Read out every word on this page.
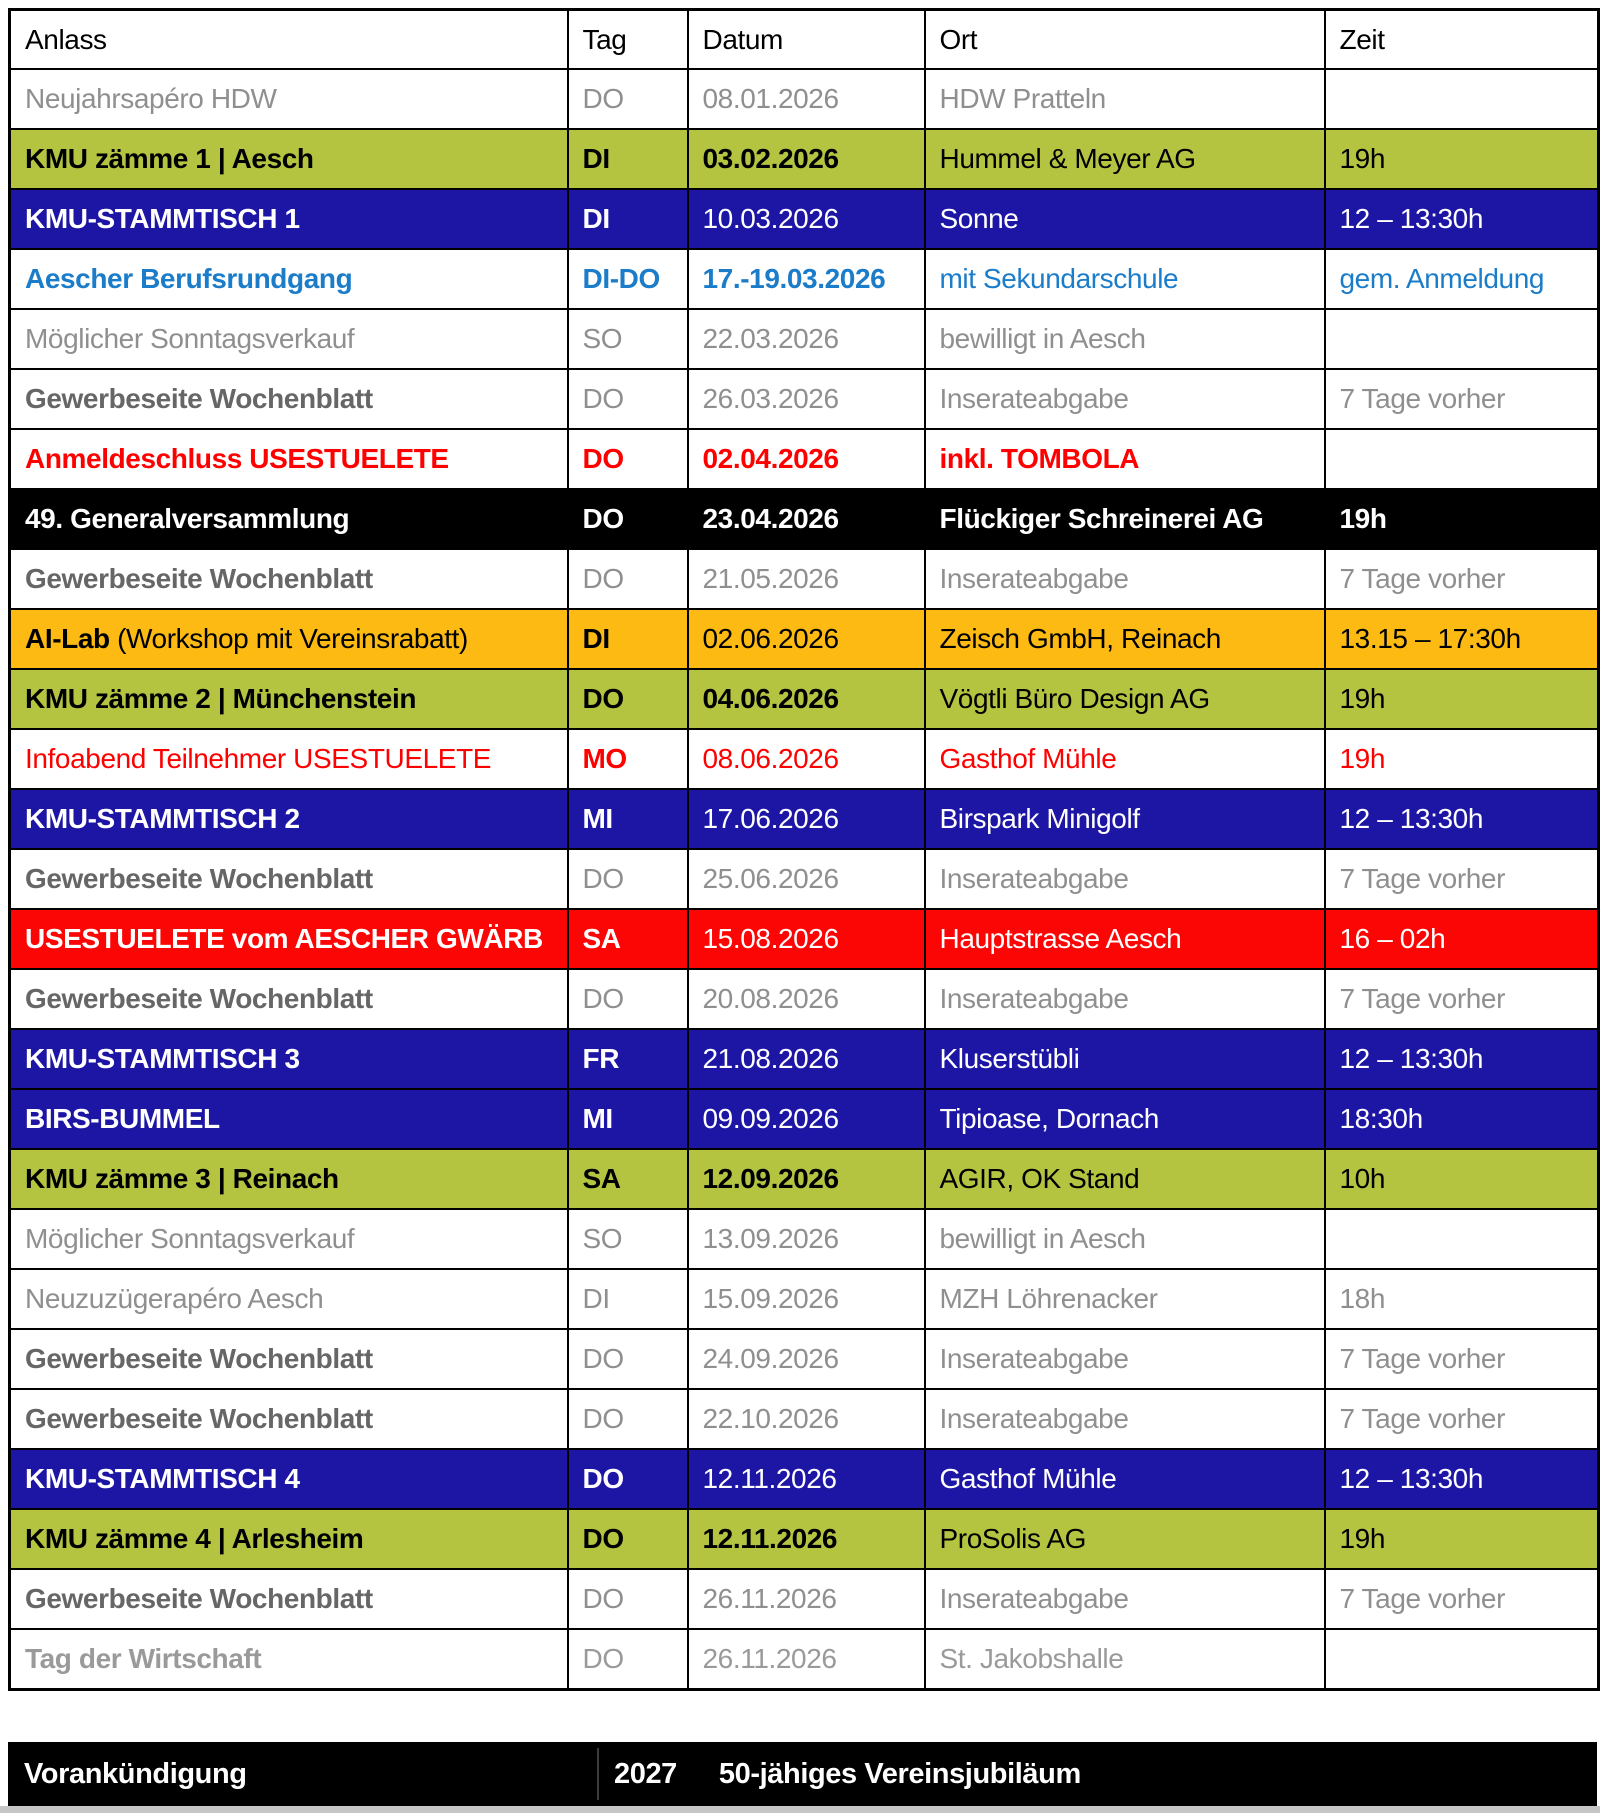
Anlass	Tag	Datum	Ort	Zeit
Neujahrsapéro HDW	DO	08.01.2026	HDW Pratteln	
KMU zämme 1 | Aesch	DI	03.02.2026	Hummel & Meyer AG	19h
KMU-STAMMTISCH 1	DI	10.03.2026	Sonne	12 – 13:30h
Aescher Berufsrundgang	DI-DO	17.-19.03.2026	mit Sekundarschule	gem. Anmeldung
Möglicher Sonntagsverkauf	SO	22.03.2026	bewilligt in Aesch	
Gewerbeseite Wochenblatt	DO	26.03.2026	Inserateabgabe	7 Tage vorher
Anmeldeschluss USESTUELETE	DO	02.04.2026	inkl. TOMBOLA	
49. Generalversammlung	DO	23.04.2026	Flückiger Schreinerei AG	19h
Gewerbeseite Wochenblatt	DO	21.05.2026	Inserateabgabe	7 Tage vorher
AI-Lab (Workshop mit Vereinsrabatt)	DI	02.06.2026	Zeisch GmbH, Reinach	13.15 – 17:30h
KMU zämme 2 | Münchenstein	DO	04.06.2026	Vögtli Büro Design AG	19h
Infoabend Teilnehmer USESTUELETE	MO	08.06.2026	Gasthof Mühle	19h
KMU-STAMMTISCH 2	MI	17.06.2026	Birspark Minigolf	12 – 13:30h
Gewerbeseite Wochenblatt	DO	25.06.2026	Inserateabgabe	7 Tage vorher
USESTUELETE vom AESCHER GWÄRB	SA	15.08.2026	Hauptstrasse Aesch	16 – 02h
Gewerbeseite Wochenblatt	DO	20.08.2026	Inserateabgabe	7 Tage vorher
KMU-STAMMTISCH 3	FR	21.08.2026	Kluserstübli	12 – 13:30h
BIRS-BUMMEL	MI	09.09.2026	Tipioase, Dornach	18:30h
KMU zämme 3 | Reinach	SA	12.09.2026	AGIR, OK Stand	10h
Möglicher Sonntagsverkauf	SO	13.09.2026	bewilligt in Aesch	
Neuzuzügerapéro Aesch	DI	15.09.2026	MZH Löhrenacker	18h
Gewerbeseite Wochenblatt	DO	24.09.2026	Inserateabgabe	7 Tage vorher
Gewerbeseite Wochenblatt	DO	22.10.2026	Inserateabgabe	7 Tage vorher
KMU-STAMMTISCH 4	DO	12.11.2026	Gasthof Mühle	12 – 13:30h
KMU zämme 4 | Arlesheim	DO	12.11.2026	ProSolis AG	19h
Gewerbeseite Wochenblatt	DO	26.11.2026	Inserateabgabe	7 Tage vorher
Tag der Wirtschaft	DO	26.11.2026	St. Jakobshalle	
Vorankündigung	2027	50-jähiges Vereinsjubiläum
